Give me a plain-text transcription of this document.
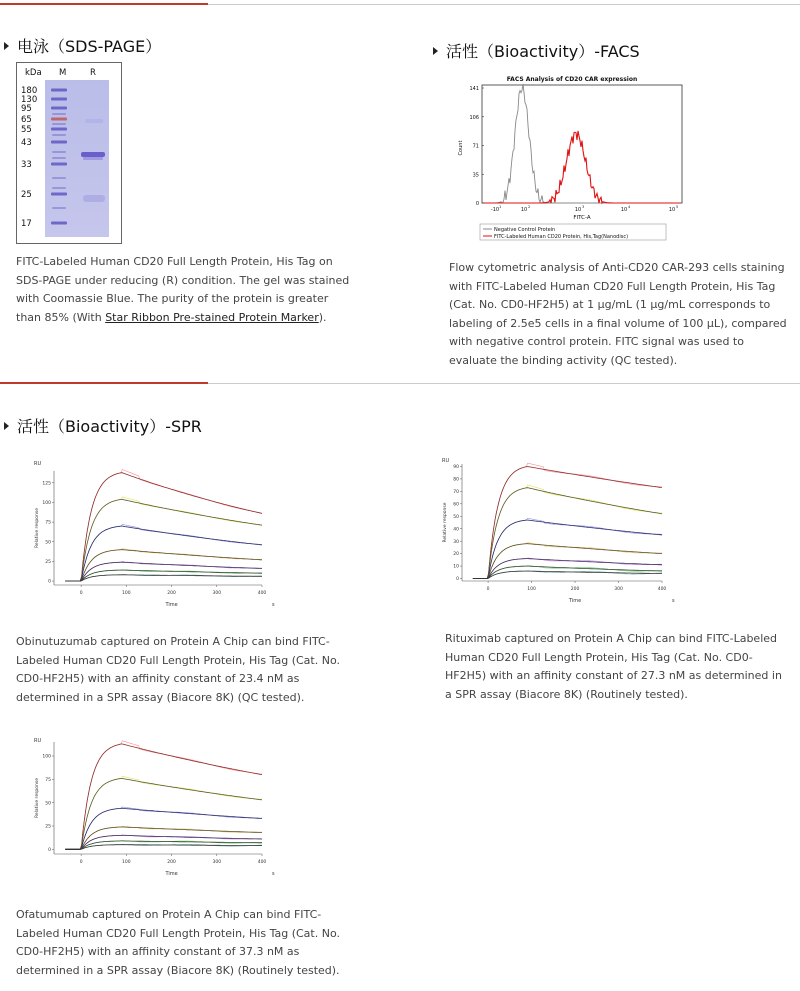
电泳（SDS-PAGE）
kDa M	R
180
130
95
65
55
43
33
25
17
FITC-Labeled Human CD20 Full Length Protein, His Tag on SDS-PAGE under reducing (R) condition. The gel was stained with Coomassie Blue. The purity of the protein is greater than 85% (With Star Ribbon Pre-stained Protein Marker).
活性（Bioactivity）-FACS
FACS Analysis of CD20 CAR expression
Count
FITC-A
141
106
71
35
0
-10 1	10 2	10 3	10 4	10 5
Negative Control Protein
FITC-Labeled Human CD20 Protein, His,Tag(Nanodisc)
Flow cytometric analysis of Anti-CD20 CAR-293 cells staining with FITC-Labeled Human CD20 Full Length Protein, His Tag (Cat. No. CD0-HF2H5) at 1 μg/mL (1 μg/mL corresponds to labeling of 2.5e5 cells in a final volume of 100 μL), compared with negative control protein. FITC signal was used to evaluate the binding activity (QC tested).
活性（Bioactivity）-SPR
RU
Relative response
Time	s
125
100
75
50
25
0
0	100	200	300	400
RU
Relative response
Time	s
90
80
70
60
50
40
30
20
10
0
0	100	200	300	400
RU
Relative response
Time	s
100
75
50
25
0
0	100	200	300	400
Obinutuzumab captured on Protein A Chip can bind FITC-Labeled Human CD20 Full Length Protein, His Tag (Cat. No. CD0-HF2H5) with an affinity constant of 23.4 nM as determined in a SPR assay (Biacore 8K) (QC tested).
Rituximab captured on Protein A Chip can bind FITC-Labeled Human CD20 Full Length Protein, His Tag (Cat. No. CD0-HF2H5) with an affinity constant of 27.3 nM as determined in a SPR assay (Biacore 8K) (Routinely tested).
Ofatumumab captured on Protein A Chip can bind FITC-Labeled Human CD20 Full Length Protein, His Tag (Cat. No. CD0-HF2H5) with an affinity constant of 37.3 nM as determined in a SPR assay (Biacore 8K) (Routinely tested).
